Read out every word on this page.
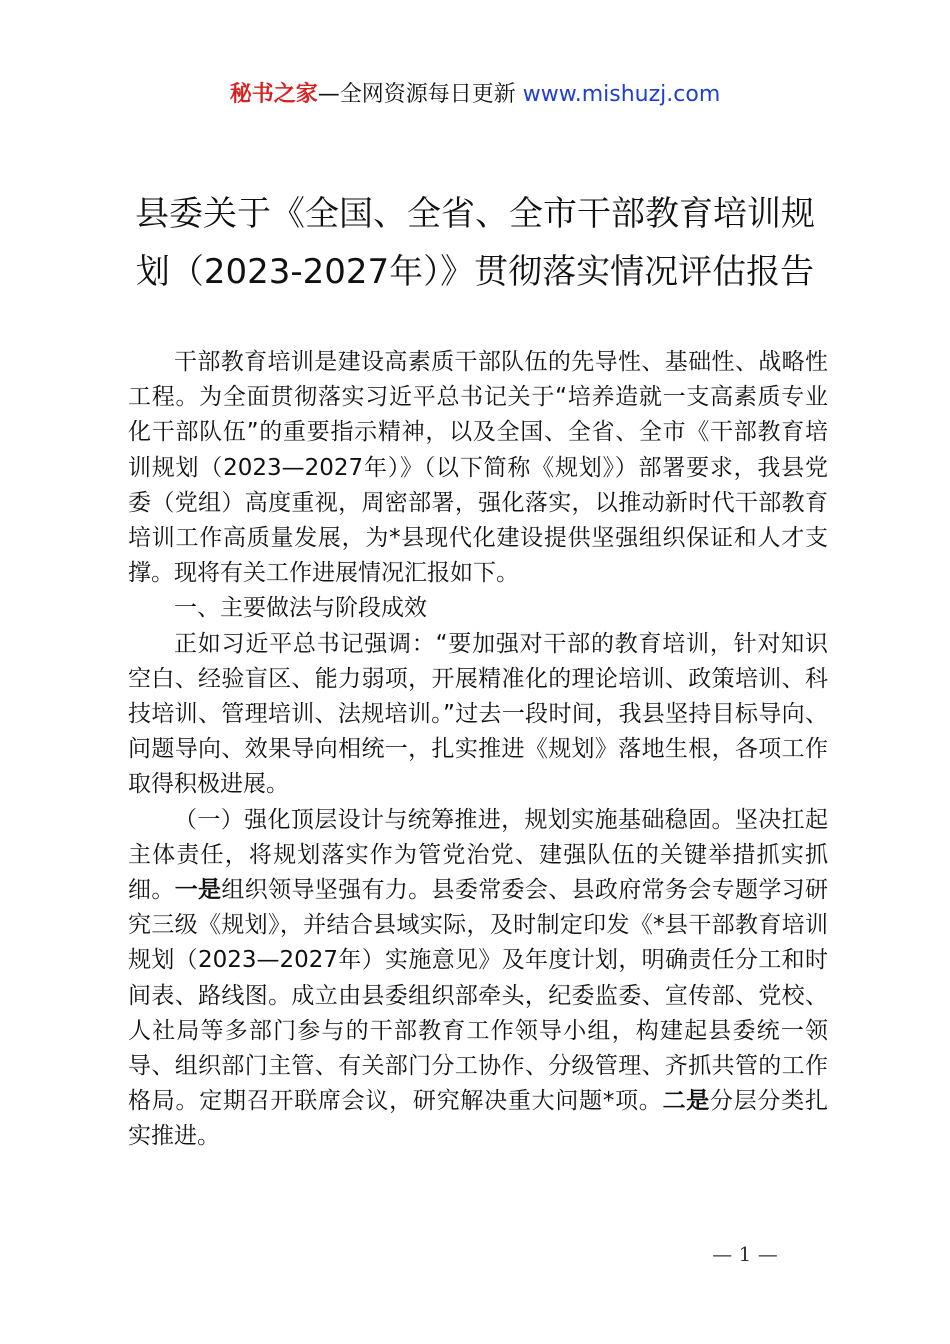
秘书之家—全网资源每日更新 www.mishuzj.com
县委关于《全国、全省、全市干部教育培训规
划（2023-2027年）》贯彻落实情况评估报告

干部教育培训是建设高素质干部队伍的先导性、基础性、战略性工程。为全面贯彻落实习近平总书记关于“培养造就一支高素质专业化干部队伍”的重要指示精神，以及全国、全省、全市《干部教育培训规划（2023—2027年）》（以下简称《规划》）部署要求，我县党委（党组）高度重视，周密部署，强化落实，以推动新时代干部教育培训工作高质量发展，为*县现代化建设提供坚强组织保证和人才支撑。现将有关工作进展情况汇报如下。

一、主要做法与阶段成效

正如习近平总书记强调：“要加强对干部的教育培训，针对知识空白、经验盲区、能力弱项，开展精准化的理论培训、政策培训、科技培训、管理培训、法规培训。”过去一段时间，我县坚持目标导向、问题导向、效果导向相统一，扎实推进《规划》落地生根，各项工作取得积极进展。

（一）强化顶层设计与统筹推进，规划实施基础稳固。坚决扛起主体责任，将规划落实作为管党治党、建强队伍的关键举措抓实抓细。一是组织领导坚强有力。县委常委会、县政府常务会专题学习研究三级《规划》，并结合县域实际，及时制定印发《*县干部教育培训规划（2023—2027年）实施意见》及年度计划，明确责任分工和时间表、路线图。成立由县委组织部牵头，纪委监委、宣传部、党校、人社局等多部门参与的干部教育工作领导小组，构建起县委统一领导、组织部门主管、有关部门分工协作、分级管理、齐抓共管的工作格局。定期召开联席会议，研究解决重大问题*项。二是分层分类扎实推进。

— 1 —
